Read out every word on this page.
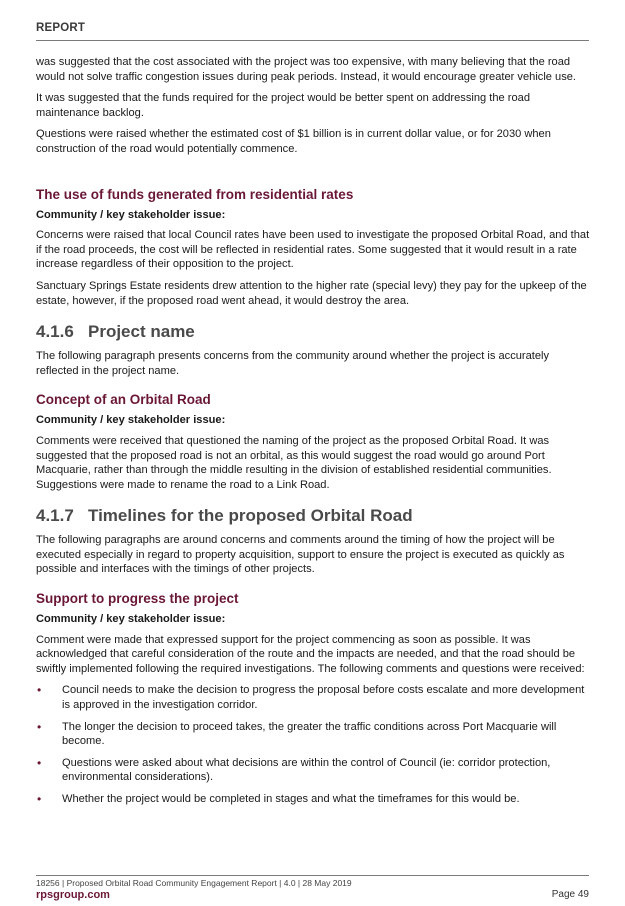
REPORT

was suggested that the cost associated with the project was too expensive, with many believing that the road would not solve traffic congestion issues during peak periods. Instead, it would encourage greater vehicle use.

It was suggested that the funds required for the project would be better spent on addressing the road maintenance backlog.

Questions were raised whether the estimated cost of $1 billion is in current dollar value, or for 2030 when construction of the road would potentially commence.

The use of funds generated from residential rates

Community / key stakeholder issue:

Concerns were raised that local Council rates have been used to investigate the proposed Orbital Road, and that if the road proceeds, the cost will be reflected in residential rates. Some suggested that it would result in a rate increase regardless of their opposition to the project.

Sanctuary Springs Estate residents drew attention to the higher rate (special levy) they pay for the upkeep of the estate, however, if the proposed road went ahead, it would destroy the area.

4.1.6 Project name

The following paragraph presents concerns from the community around whether the project is accurately reflected in the project name.

Concept of an Orbital Road

Community / key stakeholder issue:

Comments were received that questioned the naming of the project as the proposed Orbital Road. It was suggested that the proposed road is not an orbital, as this would suggest the road would go around Port Macquarie, rather than through the middle resulting in the division of established residential communities. Suggestions were made to rename the road to a Link Road.

4.1.7 Timelines for the proposed Orbital Road

The following paragraphs are around concerns and comments around the timing of how the project will be executed especially in regard to property acquisition, support to ensure the project is executed as quickly as possible and interfaces with the timings of other projects.

Support to progress the project

Community / key stakeholder issue:

Comment were made that expressed support for the project commencing as soon as possible. It was acknowledged that careful consideration of the route and the impacts are needed, and that the road should be swiftly implemented following the required investigations. The following comments and questions were received:

• Council needs to make the decision to progress the proposal before costs escalate and more development is approved in the investigation corridor.
• The longer the decision to proceed takes, the greater the traffic conditions across Port Macquarie will become.
• Questions were asked about what decisions are within the control of Council (ie: corridor protection, environmental considerations).
• Whether the project would be completed in stages and what the timeframes for this would be.
18256 | Proposed Orbital Road Community Engagement Report | 4.0 | 28 May 2019
rpsgroup.com	Page 49
